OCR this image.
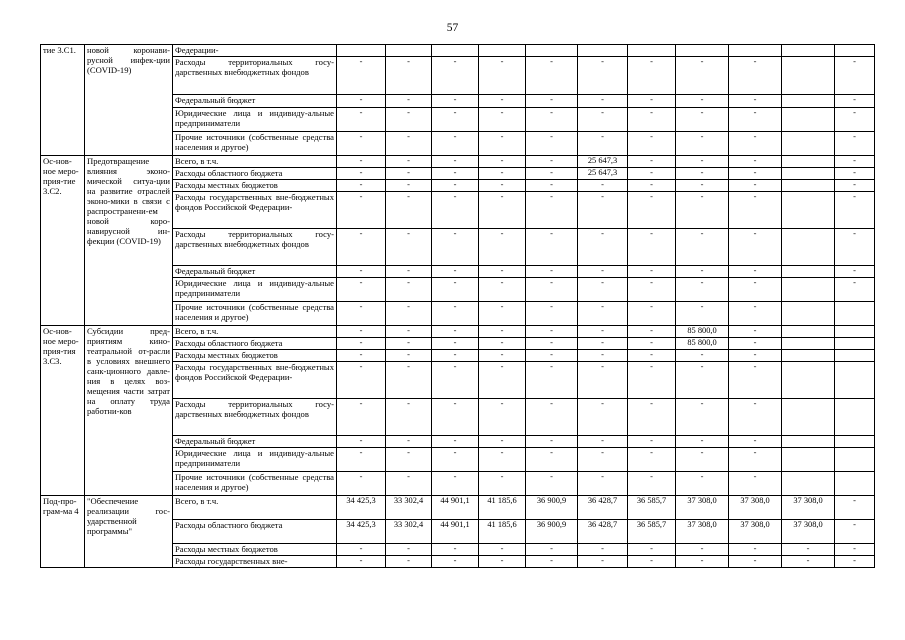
57
тие 3.С1.	новой коронави-русной инфек-ции (COVID-19)	Федерации-											
		Расходы территориальных госу-дарственных внебюджетных фондов	-	-	-	-	-	-	-	-	-		-
		Федеральный бюджет	-	-	-	-	-	-	-	-	-		-
		Юридические лица и индивиду-альные предприниматели	-	-	-	-	-	-	-	-	-		-
		Прочие источники (собственные средства населения и другое)	-	-	-	-	-	-	-	-	-		-
Ос-нов-ное меро-прия-тие 3.С2.	Предотвращение влияния эконо-мической ситуа-ции на развитие отраслей эконо-мики в связи с распространени-ем новой коро-навирусной ин-фекции (COVID-19)	Всего, в т.ч.	-	-	-	-	-	25 647,3	-	-	-		-
		Расходы областного бюджета	-	-	-	-	-	25 647,3	-	-	-		-
		Расходы местных бюджетов	-	-	-	-	-	-	-	-	-		-
		Расходы государственных вне-бюджетных фондов Российской Федерации-	-	-	-	-	-	-	-	-	-		-
		Расходы территориальных госу-дарственных внебюджетных фондов	-	-	-	-	-	-	-	-	-		-
		Федеральный бюджет	-	-	-	-	-	-	-	-	-		-
		Юридические лица и индивиду-альные предприниматели	-	-	-	-	-	-	-	-	-		-
		Прочие источники (собственные средства населения и другое)	-	-	-	-	-	-	-	-	-		
Ос-нов-ное меро-прия-тия 3.С3.	Субсидии пред-приятиям кино-театральной от-расли в условиях внешнего санк-ционного давле-ния в целях воз-мещения части затрат на оплату труда работни-ков	Всего, в т.ч.	-	-	-	-	-	-	-	85 800,0	-		
		Расходы областного бюджета	-	-	-	-	-	-	-	85 800,0	-		
		Расходы местных бюджетов	-	-	-	-	-	-	-	-	-		
		Расходы государственных вне-бюджетных фондов Российской Федерации-	-	-	-	-	-	-	-	-	-		
		Расходы территориальных госу-дарственных внебюджетных фондов	-	-	-	-	-	-	-	-	-		
		Федеральный бюджет	-	-	-	-	-	-	-	-	-		
		Юридические лица и индивиду-альные предприниматели	-	-	-	-	-	-	-	-	-		
		Прочие источники (собственные средства населения и другое)	-	-	-	-	-	-	-	-	-		
Под-про-грам-ма 4	"Обеспечение реализации гос-ударственной программы"	Всего, в т.ч.	34 425,3	33 302,4	44 901,1	41 185,6	36 900,9	36 428,7	36 585,7	37 308,0	37 308,0	37 308,0	-
		Расходы областного бюджета	34 425,3	33 302,4	44 901,1	41 185,6	36 900,9	36 428,7	36 585,7	37 308,0	37 308,0	37 308,0	-
		Расходы местных бюджетов	-	-	-	-	-	-	-	-	-	-	-
		Расходы государственных вне-	-	-	-	-	-	-	-	-	-	-	-
